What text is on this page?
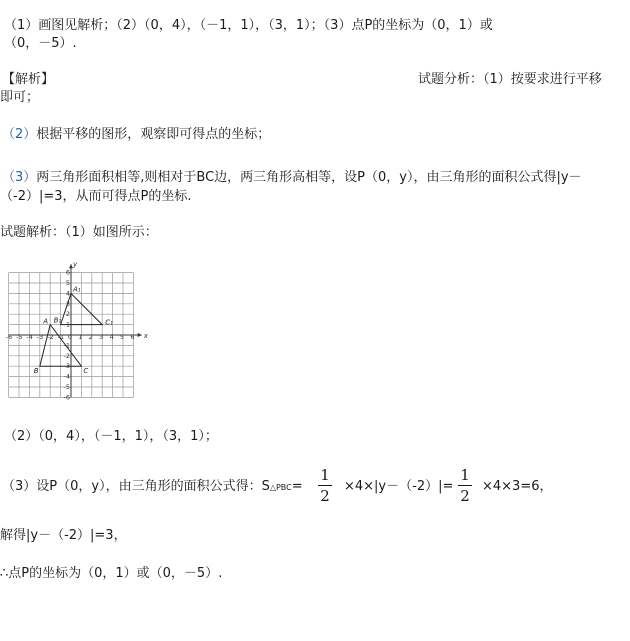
（1）画图见解析；（2）（0，4），（－1，1），（3，1）；（3）点P的坐标为（0，1）或
（0，－5）.
【解析】	试题分析：（1）按要求进行平移
即可；
（2）根据平移的图形，观察即可得点的坐标；
（3）两三角形面积相等,则相对于BC边，两三角形高相等，设P（0，y），由三角形的面积公式得|y－
（-2）|=3，从而可得点P的坐标.
试题解析：（1）如图所示：
x
y
-6 -5 -4 -3 -2 -1 0 1 2 3 4 5 6
6
5
4
3
2
1
-1
-2
-3
-4
-5
-6
A
B	C
A₁
B₁	C₁
（2）（0，4），（－1，1），（3，1）；
（3）设P（0，y），由三角形的面积公式得：S△PBC=
1
2
×4×|y－（-2）|=
1
2
×4×3=6，
解得|y－（-2）|=3，
∴点P的坐标为（0，1）或（0，－5）.
